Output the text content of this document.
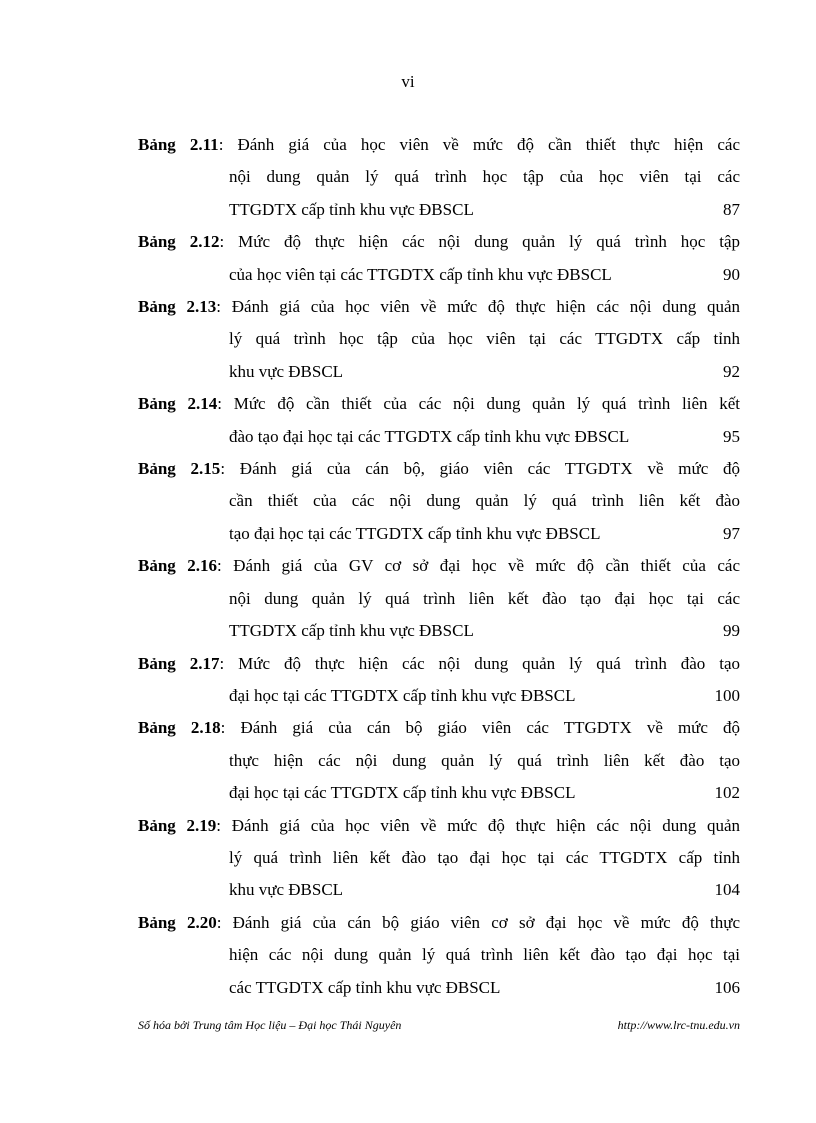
vi
Bảng 2.11: Đánh giá của học viên về mức độ cần thiết thực hiện các
nội dung quản lý quá trình học tập của học viên tại các
TTGDTX cấp tỉnh khu vực ĐBSCL	87
Bảng 2.12: Mức độ thực hiện các nội dung quản lý quá trình học tập
của học viên tại các TTGDTX cấp tỉnh khu vực ĐBSCL	90
Bảng 2.13: Đánh giá của học viên về mức độ thực hiện các nội dung quản
lý quá trình học tập của học viên tại các TTGDTX cấp tỉnh
khu vực ĐBSCL	92
Bảng 2.14: Mức độ cần thiết của các nội dung quản lý quá trình liên kết
đào tạo đại học tại các TTGDTX cấp tỉnh khu vực ĐBSCL	95
Bảng 2.15: Đánh giá của cán bộ, giáo viên các TTGDTX về mức độ
cần thiết của các nội dung quản lý quá trình liên kết đào
tạo đại học tại các TTGDTX cấp tỉnh khu vực ĐBSCL	97
Bảng 2.16: Đánh giá của GV cơ sở đại học về mức độ cần thiết của các
nội dung quản lý quá trình liên kết đào tạo đại học tại các
TTGDTX cấp tỉnh khu vực ĐBSCL	99
Bảng 2.17: Mức độ thực hiện các nội dung quản lý quá trình đào tạo
đại học tại các TTGDTX cấp tỉnh khu vực ĐBSCL	100
Bảng 2.18: Đánh giá của cán bộ giáo viên các TTGDTX về mức độ
thực hiện các nội dung quản lý quá trình liên kết đào tạo
đại học tại các TTGDTX cấp tỉnh khu vực ĐBSCL	102
Bảng 2.19: Đánh giá của học viên về mức độ thực hiện các nội dung quản
lý quá trình liên kết đào tạo đại học tại các TTGDTX cấp tỉnh
khu vực ĐBSCL	104
Bảng 2.20: Đánh giá của cán bộ giáo viên cơ sở đại học về mức độ thực
hiện các nội dung quản lý quá trình liên kết đào tạo đại học tại
các TTGDTX cấp tỉnh khu vực ĐBSCL	106
Số hóa bởi Trung tâm Học liệu – Đại học Thái Nguyên	http://www.lrc-tnu.edu.vn
